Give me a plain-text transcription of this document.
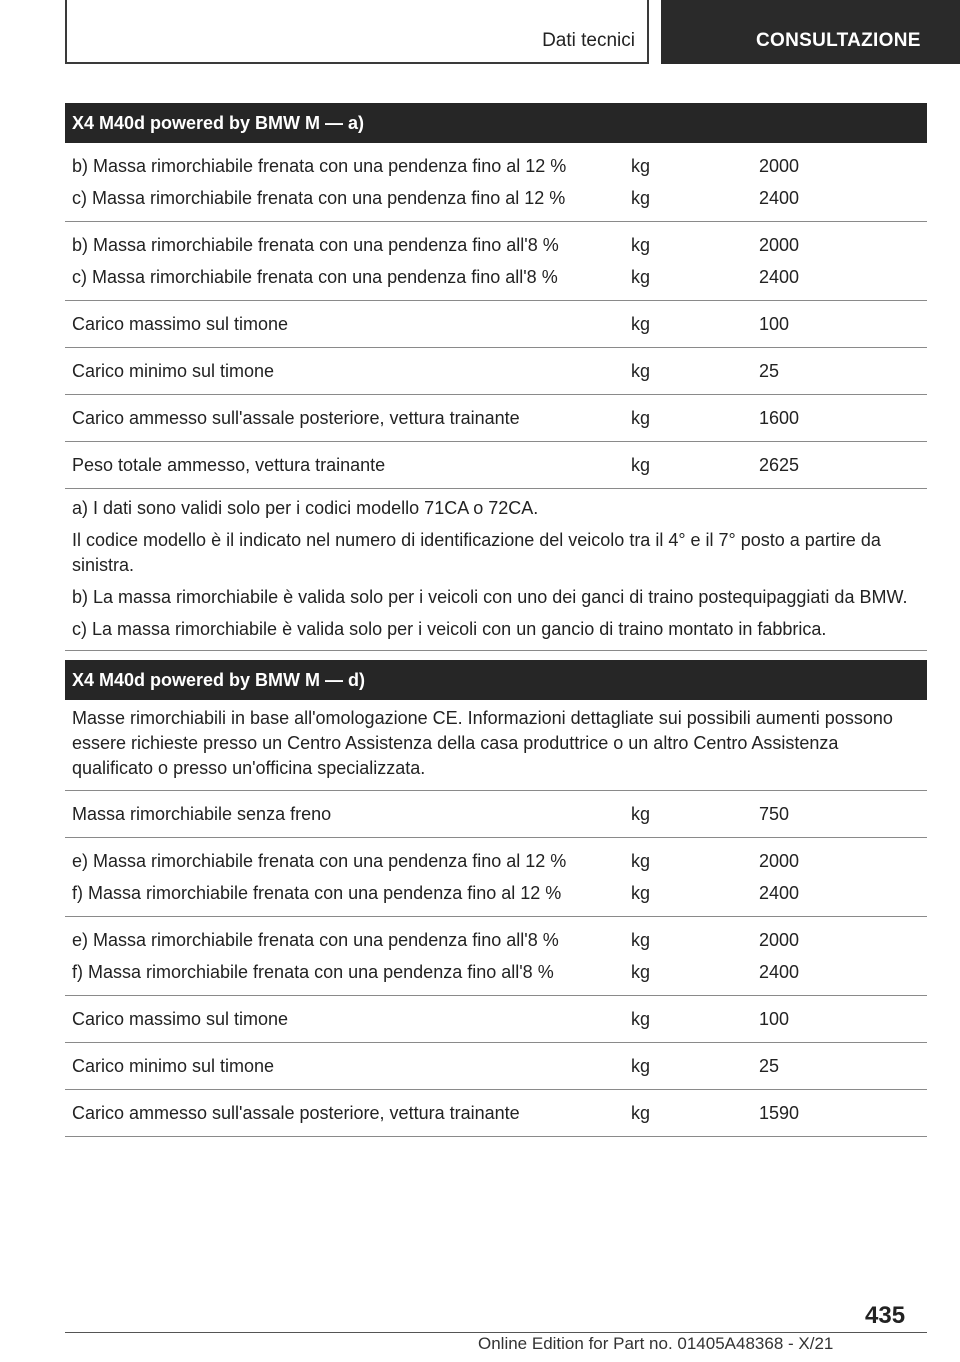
Dati tecnici	CONSULTAZIONE
X4 M40d powered by BMW M — a)
b) Massa rimorchiabile frenata con una pendenza fino al 12 %	kg	2000
c) Massa rimorchiabile frenata con una pendenza fino al 12 %	kg	2400
b) Massa rimorchiabile frenata con una pendenza fino all'8 %	kg	2000
c) Massa rimorchiabile frenata con una pendenza fino all'8 %	kg	2400
Carico massimo sul timone	kg	100
Carico minimo sul timone	kg	25
Carico ammesso sull'assale posteriore, vettura trainante	kg	1600
Peso totale ammesso, vettura trainante	kg	2625

a) I dati sono validi solo per i codici modello 71CA o 72CA.

Il codice modello è il indicato nel numero di identificazione del veicolo tra il 4° e il 7° posto a partire da sinistra.

b) La massa rimorchiabile è valida solo per i veicoli con uno dei ganci di traino postequipaggiati da BMW.

c) La massa rimorchiabile è valida solo per i veicoli con un gancio di traino montato in fabbrica.

X4 M40d powered by BMW M — d)
Masse rimorchiabili in base all'omologazione CE. Informazioni dettagliate sui possibili aumenti possono essere richieste presso un Centro Assistenza della casa produttrice o un altro Centro Assistenza qualificato o presso un'officina specializzata.
Massa rimorchiabile senza freno	kg	750
e) Massa rimorchiabile frenata con una pendenza fino al 12 %	kg	2000
f) Massa rimorchiabile frenata con una pendenza fino al 12 %	kg	2400
e) Massa rimorchiabile frenata con una pendenza fino all'8 %	kg	2000
f) Massa rimorchiabile frenata con una pendenza fino all'8 %	kg	2400
Carico massimo sul timone	kg	100
Carico minimo sul timone	kg	25
Carico ammesso sull'assale posteriore, vettura trainante	kg	1590
435
Online Edition for Part no. 01405A48368 - X/21
